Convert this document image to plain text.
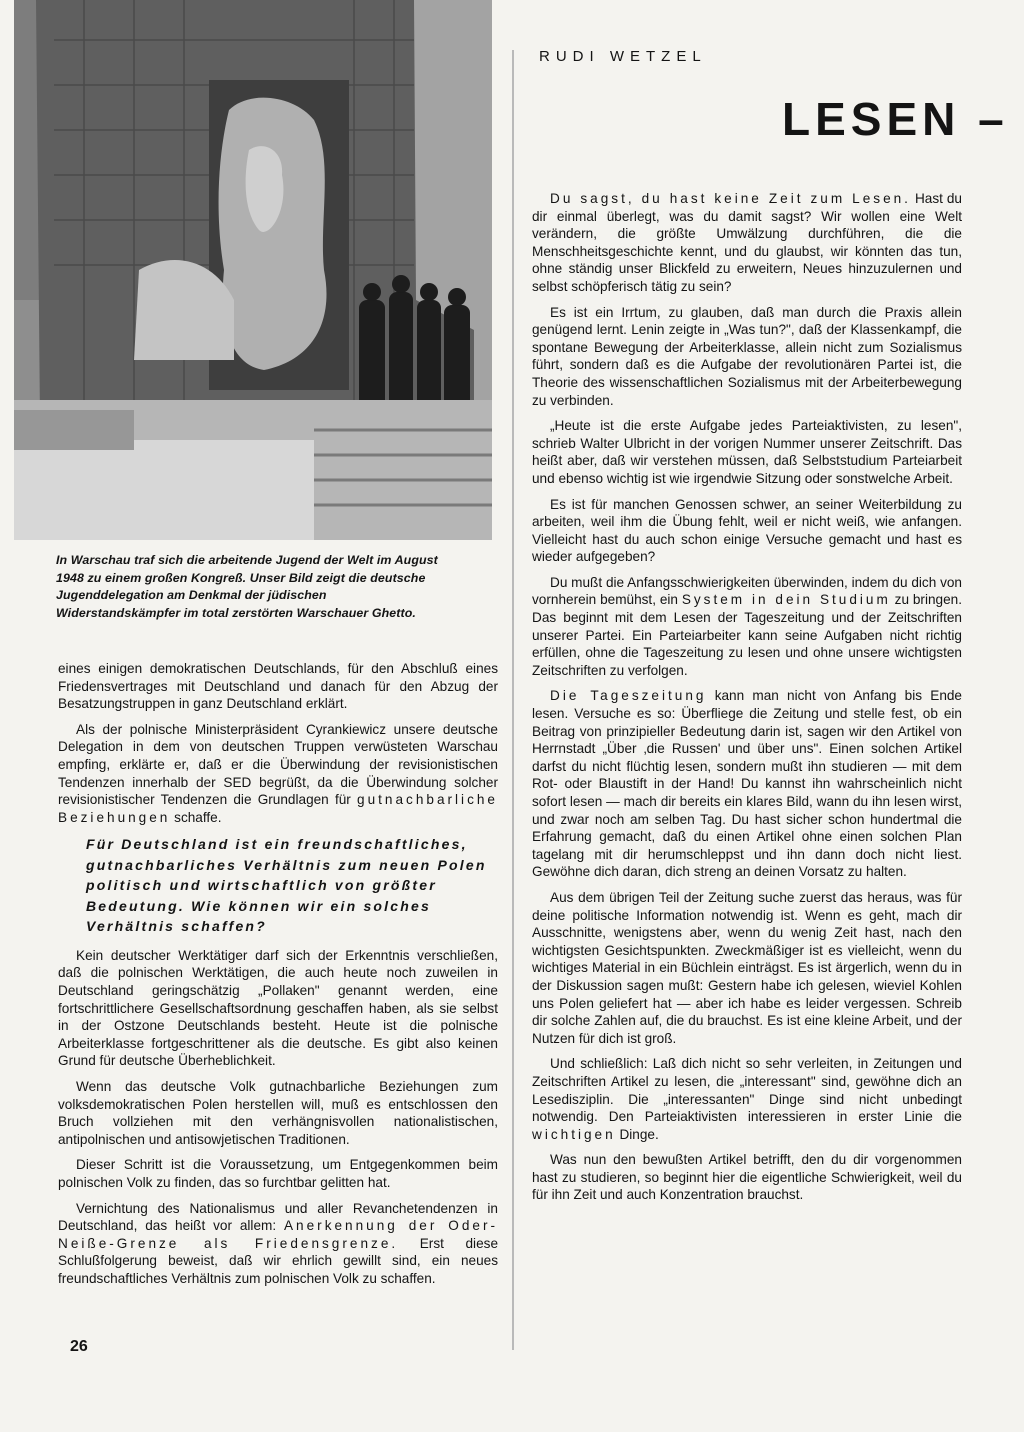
In Warschau traf sich die arbeitende Jugend der Welt im August 1948 zu einem großen Kongreß. Unser Bild zeigt die deutsche Jugenddelegation am Denkmal der jüdischen Widerstandskämpfer im total zerstörten Warschauer Ghetto.
RUDI WETZEL
LESEN –

eines einigen demokratischen Deutschlands, für den Abschluß eines Friedensvertrages mit Deutschland und danach für den Abzug der Besatzungstruppen in ganz Deutschland erklärt.

Als der polnische Ministerpräsident Cyrankiewicz unsere deutsche Delegation in dem von deutschen Truppen verwüsteten Warschau empfing, erklärte er, daß er die Überwindung der revisionistischen Tendenzen innerhalb der SED begrüßt, da die Überwindung solcher revisionistischer Tendenzen die Grundlagen für gutnachbarliche Beziehungen schaffe.

Für Deutschland ist ein freundschaftliches, gutnachbarliches Verhältnis zum neuen Polen politisch und wirtschaftlich von größter Bedeutung. Wie können wir ein solches Verhältnis schaffen?

Kein deutscher Werktätiger darf sich der Erkenntnis verschließen, daß die polnischen Werktätigen, die auch heute noch zuweilen in Deutschland geringschätzig „Pollaken" genannt werden, eine fortschrittlichere Gesellschaftsordnung geschaffen haben, als sie selbst in der Ostzone Deutschlands besteht. Heute ist die polnische Arbeiterklasse fortgeschrittener als die deutsche. Es gibt also keinen Grund für deutsche Überheblichkeit.

Wenn das deutsche Volk gutnachbarliche Beziehungen zum volksdemokratischen Polen herstellen will, muß es entschlossen den Bruch vollziehen mit den verhängnisvollen nationalistischen, antipolnischen und antisowjetischen Traditionen.

Dieser Schritt ist die Voraussetzung, um Entgegenkommen beim polnischen Volk zu finden, das so furchtbar gelitten hat.

Vernichtung des Nationalismus und aller Revanchetendenzen in Deutschland, das heißt vor allem: Anerkennung der Oder-Neiße-Grenze als Friedensgrenze. Erst diese Schlußfolgerung beweist, daß wir ehrlich gewillt sind, ein neues freundschaftliches Verhältnis zum polnischen Volk zu schaffen.

Du sagst, du hast keine Zeit zum Lesen. Hast du dir einmal überlegt, was du damit sagst? Wir wollen eine Welt verändern, die größte Umwälzung durchführen, die die Menschheitsgeschichte kennt, und du glaubst, wir könnten das tun, ohne ständig unser Blickfeld zu erweitern, Neues hinzuzulernen und selbst schöpferisch tätig zu sein?

Es ist ein Irrtum, zu glauben, daß man durch die Praxis allein genügend lernt. Lenin zeigte in „Was tun?", daß der Klassenkampf, die spontane Bewegung der Arbeiterklasse, allein nicht zum Sozialismus führt, sondern daß es die Aufgabe der revolutionären Partei ist, die Theorie des wissenschaftlichen Sozialismus mit der Arbeiterbewegung zu verbinden.

„Heute ist die erste Aufgabe jedes Parteiaktivisten, zu lesen", schrieb Walter Ulbricht in der vorigen Nummer unserer Zeitschrift. Das heißt aber, daß wir verstehen müssen, daß Selbststudium Parteiarbeit und ebenso wichtig ist wie irgendwie Sitzung oder sonstwelche Arbeit.

Es ist für manchen Genossen schwer, an seiner Weiterbildung zu arbeiten, weil ihm die Übung fehlt, weil er nicht weiß, wie anfangen. Vielleicht hast du auch schon einige Versuche gemacht und hast es wieder aufgegeben?

Du mußt die Anfangsschwierigkeiten überwinden, indem du dich von vornherein bemühst, ein System in dein Studium zu bringen. Das beginnt mit dem Lesen der Tageszeitung und der Zeitschriften unserer Partei. Ein Parteiarbeiter kann seine Aufgaben nicht richtig erfüllen, ohne die Tageszeitung zu lesen und ohne unsere wichtigsten Zeitschriften zu verfolgen.

Die Tageszeitung kann man nicht von Anfang bis Ende lesen. Versuche es so: Überfliege die Zeitung und stelle fest, ob ein Beitrag von prinzipieller Bedeutung darin ist, sagen wir den Artikel von Herrnstadt „Über ‚die Russen' und über uns". Einen solchen Artikel darfst du nicht flüchtig lesen, sondern mußt ihn studieren — mit dem Rot- oder Blaustift in der Hand! Du kannst ihn wahrscheinlich nicht sofort lesen — mach dir bereits ein klares Bild, wann du ihn lesen wirst, und zwar noch am selben Tag. Du hast sicher schon hundertmal die Erfahrung gemacht, daß du einen Artikel ohne einen solchen Plan tagelang mit dir herumschleppst und ihn dann doch nicht liest. Gewöhne dich daran, dich streng an deinen Vorsatz zu halten.

Aus dem übrigen Teil der Zeitung suche zuerst das heraus, was für deine politische Information notwendig ist. Wenn es geht, mach dir Ausschnitte, wenigstens aber, wenn du wenig Zeit hast, nach den wichtigsten Gesichtspunkten. Zweckmäßiger ist es vielleicht, wenn du wichtiges Material in ein Büchlein einträgst. Es ist ärgerlich, wenn du in der Diskussion sagen mußt: Gestern habe ich gelesen, wieviel Kohlen uns Polen geliefert hat — aber ich habe es leider vergessen. Schreib dir solche Zahlen auf, die du brauchst. Es ist eine kleine Arbeit, und der Nutzen für dich ist groß.

Und schließlich: Laß dich nicht so sehr verleiten, in Zeitungen und Zeitschriften Artikel zu lesen, die „interessant" sind, gewöhne dich an Lesedisziplin. Die „interessanten" Dinge sind nicht unbedingt notwendig. Den Parteiaktivisten interessieren in erster Linie die wichtigen Dinge.

Was nun den bewußten Artikel betrifft, den du dir vorgenommen hast zu studieren, so beginnt hier die eigentliche Schwierigkeit, weil du für ihn Zeit und auch Konzentration brauchst.

26
